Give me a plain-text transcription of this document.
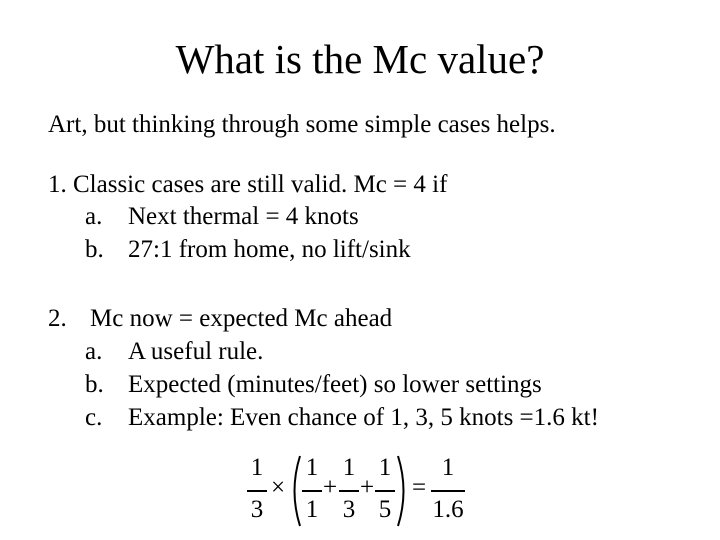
What is the Mc value?
Art, but thinking through some simple cases helps.
1. Classic cases are still valid. Mc = 4 if
a. Next thermal = 4 knots
b. 27:1 from home, no lift/sink
2. Mc now = expected Mc ahead
a. A useful rule.
b. Expected (minutes/feet) so lower settings
c. Example: Even chance of 1, 3, 5 knots =1.6 kt!
1
3
×
1
1
+
1
3
+
1
5
=
1
1.6
